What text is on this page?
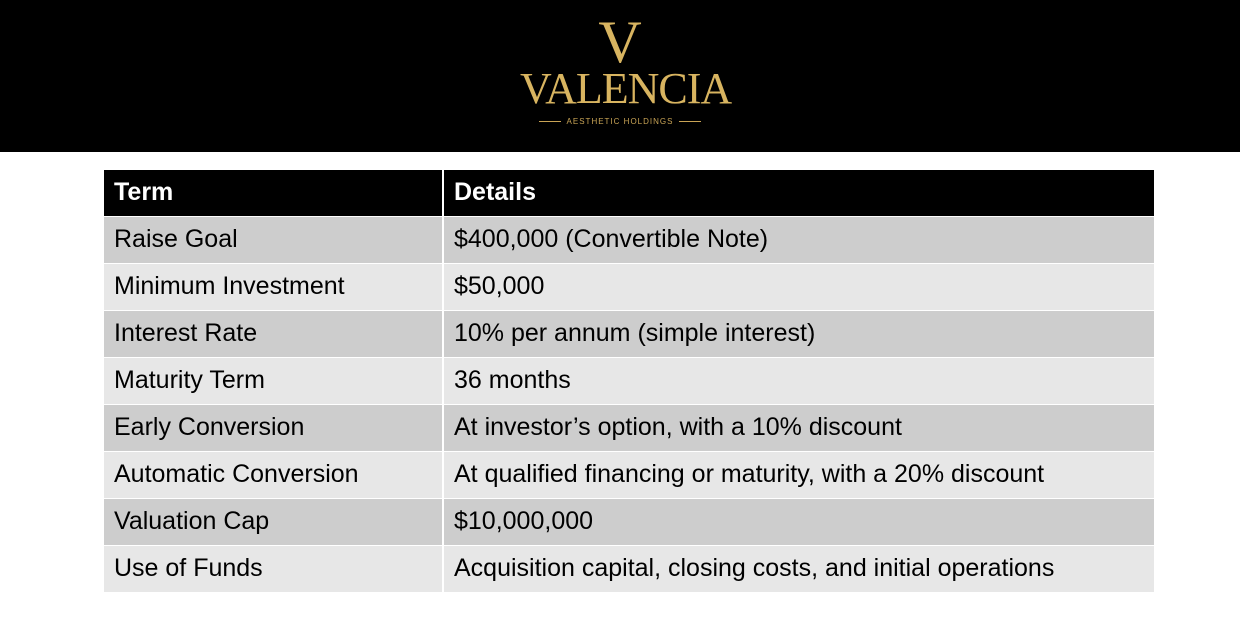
V
VALENCIA
AESTHETIC HOLDINGS
Term	Details
Raise Goal	$400,000 (Convertible Note)
Minimum Investment	$50,000
Interest Rate	10% per annum (simple interest)
Maturity Term	36 months
Early Conversion	At investor’s option, with a 10% discount
Automatic Conversion	At qualified financing or maturity, with a 20% discount
Valuation Cap	$10,000,000
Use of Funds	Acquisition capital, closing costs, and initial operations
